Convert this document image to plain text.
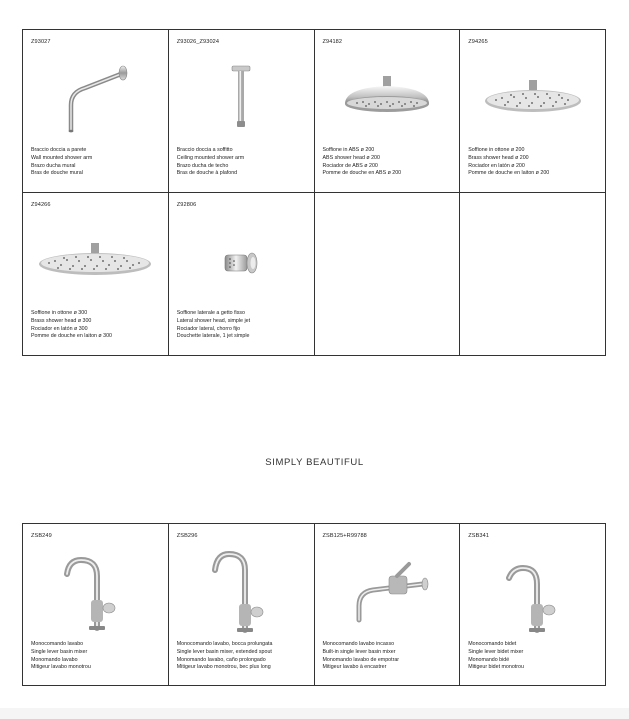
Z93027
Braccio doccia a parete
Wall mounted shower arm
Brazo ducha mural
Bras de douche mural
Z93026_Z93024
Braccio doccia a soffitto
Ceiling mounted shower arm
Brazo ducha de techo
Bras de douche à plafond
Z94182
Soffione in ABS ø 200
ABS shower head ø 200
Rociador de ABS ø 200
Pomme de douche en ABS ø 200
Z94265
Soffione in ottone ø 200
Brass shower head ø 200
Rociador en latón ø 200
Pomme de douche en laiton ø 200
Z94266
Soffione in ottone ø 300
Brass shower head ø 300
Rociador en latón ø 300
Pomme de douche en laiton ø 300
Z92806
Soffione laterale a getto fisso
Lateral shower head, simple jet
Rociador lateral, chorro fijo
Douchette laterale, 1 jet simple
SIMPLY BEAUTIFUL
ZSB249
Monocomando lavabo
Single lever basin mixer
Monomando lavabo
Mitigeur lavabo monotrou
ZSB296
Monocomando lavabo, bocca prolungata
Single lever basin mixer, extended spout
Monomando lavabo, caño prolongado
Mitigeur lavabo monotrou, bec plus long
ZSB125+R99788
Monocomando lavabo incasso
Built-in single lever basin mixer
Monomando lavabo de empotrar
Mitigeur lavabo à encastrer
ZSB341
Monocomando bidet
Single lever bidet mixer
Monomando bidé
Mitigeur bidet monotrou
